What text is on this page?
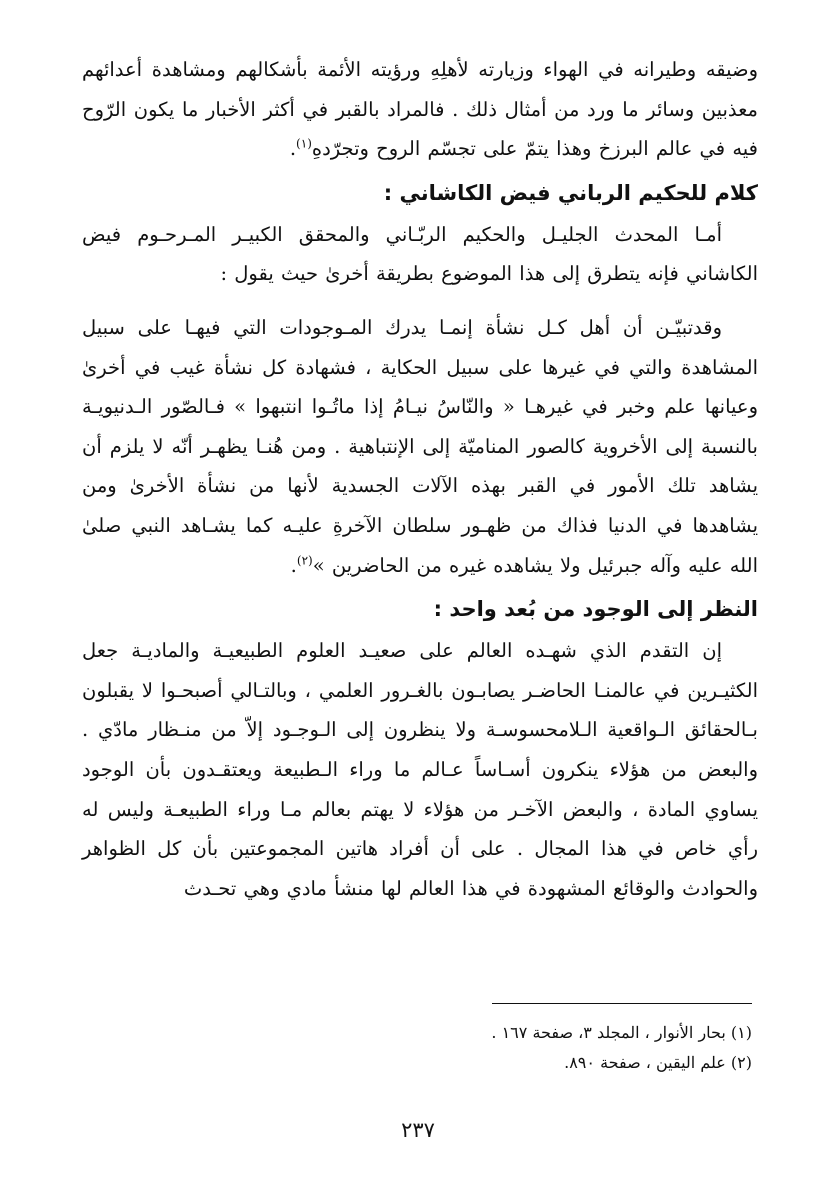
وضيقه وطيرانه في الهواء وزيارته لأهلِهِ ورؤيته الأئمة بأشكالهم ومشاهدة أعدائهم معذبين وسائر ما ورد من أمثال ذلك . فالمراد بالقبر في أكثر الأخبار ما يكون الرّوح فيه في عالم البرزخ وهذا يتمّ على تجسّم الروح وتجرّدهِ$^{(١)}$.

كلام للحكيم الرباني فيض الكاشاني :

أمـا المحدث الجليـل والحكيم الربّـاني والمحقق الكبيـر المـرحـوم فيض الكاشاني فإنه يتطرق إلى هذا الموضوع بطريقة أخرىٰ حيث يقول :

وقدتبيّـن أن أهل كـل نشأة إنمـا يدرك المـوجودات التي فيهـا على سبيل المشاهدة والتي في غيرها على سبيل الحكاية ، فشهادة كل نشأة غيب في أخرىٰ وعيانها علم وخبر في غيرهـا « والنّاسُ نيـامُ إذا ماتُـوا انتبهوا » فـالصّور الـدنيويـة بالنسبة إلى الأخروية كالصور المناميّة إلى الإنتباهية . ومن هُنـا يظهـر أنّه لا يلزم أن يشاهد تلك الأمور في القبر بهذه الآلات الجسدية لأنها من نشأة الأخرىٰ ومن يشاهدها في الدنيا فذاك من ظهـور سلطان الآخرةِ عليـه كما يشـاهد النبي صلىٰ الله عليه وآله جبرئيل ولا يشاهده غيره من الحاضرين »$^{(٢)}$.

النظر إلى الوجود من بُعد واحد :

إن التقدم الذي شهـده العالم على صعيـد العلوم الطبيعيـة والماديـة جعل الكثيـرين في عالمنـا الحاضـر يصابـون بالغـرور العلمي ، وبالتـالي أصبحـوا لا يقبلون بـالحقائق الـواقعية الـلامحسوسـة ولا ينظرون إلى الـوجـود إلاّ من منـظار مادّي . والبعض من هؤلاء ينكرون أسـاساً عـالم ما وراء الـطبيعة ويعتقـدون بأن الوجود يساوي المادة ، والبعض الآخـر من هؤلاء لا يهتم بعالم مـا وراء الطبيعـة وليس له رأي خاص في هذا المجال . على أن أفراد هاتين المجموعتين بأن كل الظواهر والحوادث والوقائع المشهودة في هذا العالم لها منشأ مادي وهي تحـدث

(١) بحار الأنوار ، المجلد ٣، صفحة ١٦٧ .
(٢) علم اليقين ، صفحة ٨٩٠.
٢٣٧
